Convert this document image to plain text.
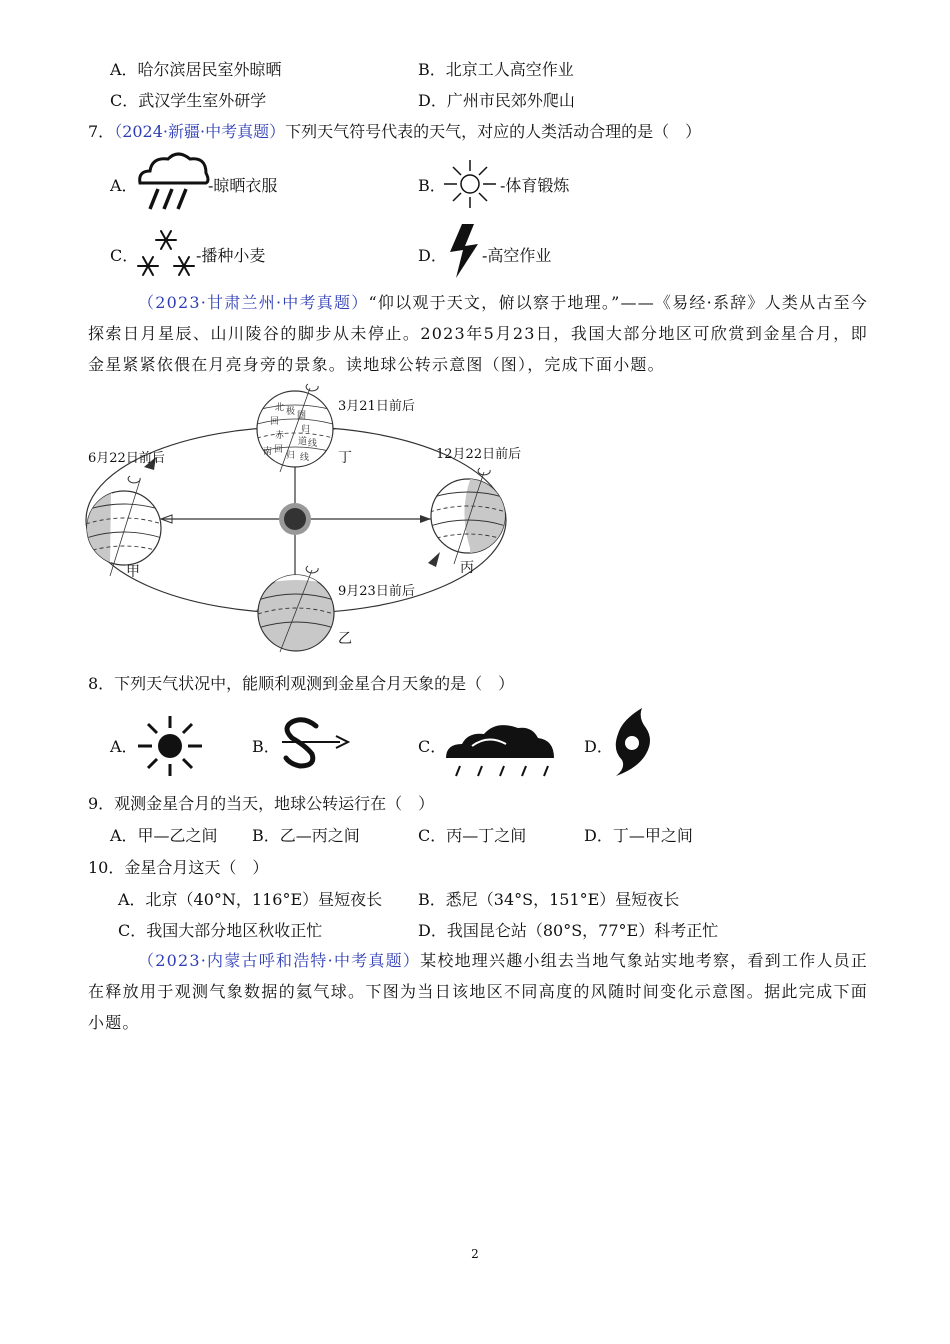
A．哈尔滨居民室外晾晒	B．北京工人高空作业
C．武汉学生室外研学	D．广州市民郊外爬山
7．（2024·新疆·中考真题）下列天气符号代表的天气，对应的人类活动合理的是（　）
A．	-晾晒衣服	B．	-体育锻炼
C．	-播种小麦	D． -高空作业
（2023·甘肃兰州·中考真题）“仰以观于天文，俯以察于地理。”——《易经·系辞》人类从古至今探索日月星辰、山川陵谷的脚步从未停止。2023年5月23日，我国大部分地区可欣赏到金星合月，即金星紧紧依偎在月亮身旁的景象。读地球公转示意图（图），完成下面小题。
北 极 圈
回
归
线
赤
道
南 回
归 线
3月21日前后
6月22日前后	12月22日前后
9月23日前后
甲
乙
丙
丁
8．下列天气状况中，能顺利观测到金星合月天象的是（　）
A．	B．	C．	D．
9．观测金星合月的当天，地球公转运行在（　）
A．甲—乙之间 B．乙—丙之间	C．丙—丁之间	D．丁—甲之间
10．金星合月这天（　）
A．北京（40°N，116°E）昼短夜长 B．悉尼（34°S，151°E）昼短夜长
C．我国大部分地区秋收正忙	D．我国昆仑站（80°S，77°E）科考正忙
（2023·内蒙古呼和浩特·中考真题）某校地理兴趣小组去当地气象站实地考察，看到工作人员正在释放用于观测气象数据的氦气球。下图为当日该地区不同高度的风随时间变化示意图。据此完成下面小题。
2
